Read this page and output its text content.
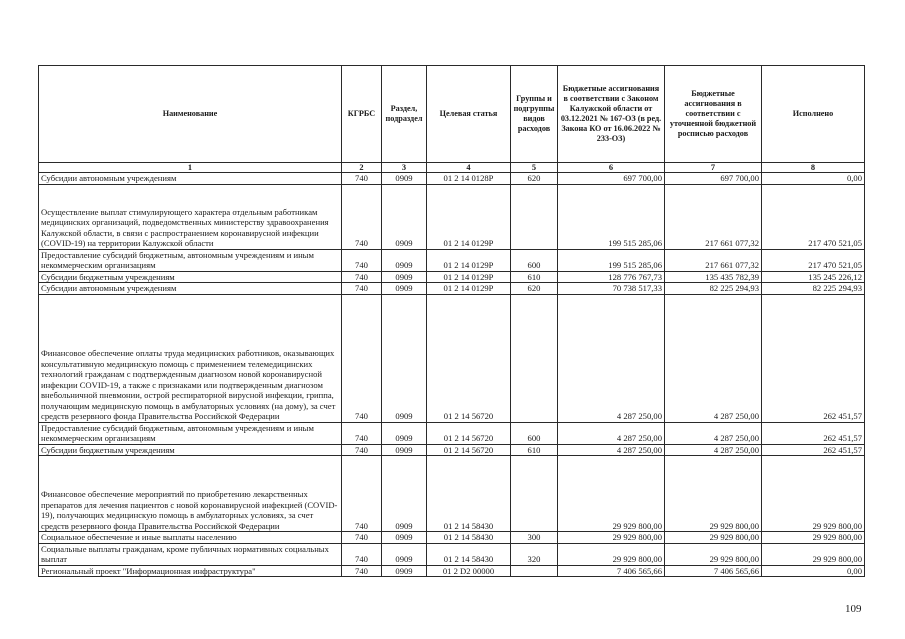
Наименование	КГРБС	Раздел, подраздел	Целевая статья	Группы и подгруппы видов расходов	Бюджетные ассигнования в соответствии с Законом Калужской области от 03.12.2021 № 167-ОЗ (в ред. Закона КО от 16.06.2022 № 233-ОЗ)	Бюджетные ассигнования в соответствии с уточненной бюджетной росписью расходов	Исполнено
1	2	3	4	5	6	7	8
Субсидии автономным учреждениям	740	0909	01 2 14 0128P	620	697 700,00	697 700,00	0,00
Осуществление выплат стимулирующего характера отдельным работникам медицинских организаций, подведомственных министерству здравоохранения Калужской области, в связи с распространением коронавирусной инфекции (COVID-19) на территории Калужской области	740	0909	01 2 14 0129P		199 515 285,06	217 661 077,32	217 470 521,05
Предоставление субсидий бюджетным, автономным учреждениям и иным некоммерческим организациям	740	0909	01 2 14 0129P	600	199 515 285,06	217 661 077,32	217 470 521,05
Субсидии бюджетным учреждениям	740	0909	01 2 14 0129P	610	128 776 767,73	135 435 782,39	135 245 226,12
Субсидии автономным учреждениям	740	0909	01 2 14 0129P	620	70 738 517,33	82 225 294,93	82 225 294,93
Финансовое обеспечение оплаты труда медицинских работников, оказывающих консультативную медицинскую помощь с применением телемедицинских технологий гражданам с подтвержденным диагнозом новой коронавирусной инфекции COVID-19, а также с признаками или подтвержденным диагнозом внебольничной пневмонии, острой респираторной вирусной инфекции, гриппа, получающим медицинскую помощь в амбулаторных условиях (на дому), за счет средств резервного фонда Правительства Российской Федерации	740	0909	01 2 14 56720		4 287 250,00	4 287 250,00	262 451,57
Предоставление субсидий бюджетным, автономным учреждениям и иным некоммерческим организациям	740	0909	01 2 14 56720	600	4 287 250,00	4 287 250,00	262 451,57
Субсидии бюджетным учреждениям	740	0909	01 2 14 56720	610	4 287 250,00	4 287 250,00	262 451,57
Финансовое обеспечение мероприятий по приобретению лекарственных препаратов для лечения пациентов с новой коронавирусной инфекцией (COVID-19), получающих медицинскую помощь в амбулаторных условиях, за счет средств резервного фонда Правительства Российской Федерации	740	0909	01 2 14 58430		29 929 800,00	29 929 800,00	29 929 800,00
Социальное обеспечение и иные выплаты населению	740	0909	01 2 14 58430	300	29 929 800,00	29 929 800,00	29 929 800,00
Социальные выплаты гражданам, кроме публичных нормативных социальных выплат	740	0909	01 2 14 58430	320	29 929 800,00	29 929 800,00	29 929 800,00
Региональный проект "Информационная инфраструктура"	740	0909	01 2 D2 00000		7 406 565,66	7 406 565,66	0,00
109
